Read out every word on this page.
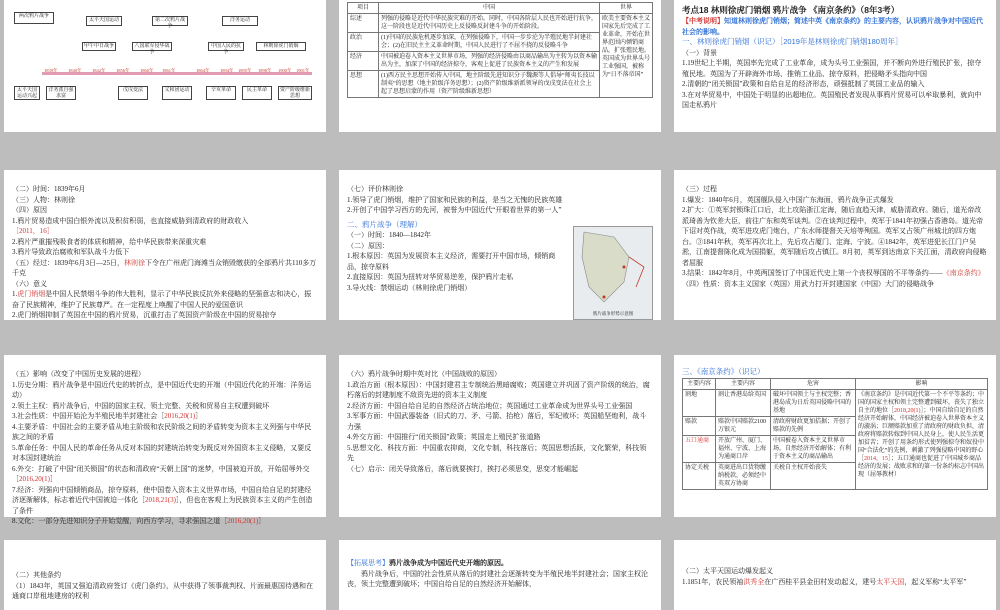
两次鸦片战争
太平天国运动	第二次鸦片战争
洋务运动
甲午中日战争	八国联军侵华战争
中国人民的抗争
林则徐虎门销烟
1839年 1840年 1842年 1856年 1860年 1861年	1864年 1894年 1895年 1898年 1900年 1901年
太平天国运动兴起
洋务派自强求富
戊戌变法	义和团运动	辛亥革命	民主革命	资产阶级维新思想
项目	中国	世界
综述	列强的侵略是近代中华民族灾难的开始。同时，中国各阶层人民也开始进行抗争，这一阶段也是近代中国历史上反侵略反封建斗争的开始阶段。	欧美主要资本主义国家先后完成了工业革命，开始在世界范围内倾销商品，扩张殖民地。英国成为世界头号工业强国，被称为“日不落帝国”
政治	(1)中国的民族危机逐步加深，在列强侵略下，中国一步步沦为半殖民地半封建社会；(2)在旧民主主义革命时期，中国人民进行了不屈不挠的反侵略斗争	
经济	中国被迫卷入资本主义世界市场，列强的经济侵略由以商品输出为主转为以资本输出为主，加深了中国的经济掠夺，客观上促进了民族资本主义的产生和发展	
思想	(1)西方民主思想开始传入中国，地主阶级先进知识分子魏源等人倡导“师夷长技以制夷”的思想（地主阶级洋务思想）；(2)资产阶级维新派领导的戊戌变法在社会上起了思想启蒙的作用（资产阶级维新思想）	

考点18 林则徐虎门销烟 鸦片战争 《南京条约》（8年3考）

【中考说明】知道林则徐虎门销烟；简述中英《南京条约》的主要内容，认识鸦片战争对中国近代社会的影响。

一、林则徐虎门销烟（识记）［2019年是林则徐虎门销烟180周年］

（一）背景

1.19世纪上半期，英国率先完成了工业革命，成为头号工业强国，并不断向外进行殖民扩张，掠夺殖民地。英国为了开辟海外市场、推销工业品、掠夺原料，把侵略矛头指向中国

2.清朝的“闭关锁国”政策和自给自足的经济形态，顽强抵制了英国工业品的输入

3.在对华贸易中，中国处于明显的出超地位。英国殖民者发现从事鸦片贸易可以牟取暴利，就向中国走私鸦片

（二）时间：1839年6月

（三）人物：林则徐

（四）原因

1.鸦片贸易造成中国白银外流以及积贫积弱，也直接威胁到清政府的财政收入
［2011，16］

2.鸦片严重摧残吸食者的体质和精神，给中华民族带来深重灾难

3.鸦片导致政治腐败和军队战斗力低下

（五）经过：1839年6月3日—25日，林则徐下令在广州虎门海滩当众销毁缴获的全部鸦片共110多万千克

（六）意义

1.虎门销烟是中国人民禁烟斗争的伟大胜利，显示了中华民族反抗外来侵略的坚强意志和决心，振奋了民族精神，维护了民族尊严。在一定程度上唤醒了中国人民的爱国意识

2.虎门销烟抑制了英国在中国的鸦片贸易，沉重打击了英国资产阶级在中国的贸易掠夺

（七）评价林则徐

1.领导了虎门销烟，维护了国家和民族的利益，是当之无愧的民族英雄

2.开创了中国学习西方的先河，被誉为中国近代“开眼看世界的第一人”

二、鸦片战争（理解）

（一）时间：1840—1842年

（二）原因：

1.根本原因：英国为发展资本主义经济，需要打开中国市场，倾销商品，掠夺原料

2.直接原因：英国为扭转对华贸易逆差，保护鸦片走私

3.导火线：禁烟运动（林则徐虎门销烟）

鸦片战争形势示意图

（三）过程

1.爆发：1840年6月，英国舰队侵入中国广东海面，鸦片战争正式爆发

2.扩大：①英军封锁珠江口后，北上攻陷浙江定海，随后直趋天津，威胁清政府。随后，道光帝改派琦善为钦差大臣，前往广东和英军谈判。②在谈判过程中，英军于1841年初强占香港岛。道光帝下诏对英作战，英军进攻虎门炮台，广东水师提督关天培等殉国。英军又占领广州城北的四方炮台。③1841年秋，英军再次北上，先后攻占厦门、定海、宁波。④1842年，英军进犯长江门户吴淞，江南提督陈化成为国捐躯，英军随后攻占镇江。8月初，英军到达南京下关江面，清政府向侵略者屈服

3.结果：1842年8月，中英两国签订了中国近代史上第一个丧权辱国的不平等条约——《南京条约》

（四）性质：资本主义国家（英国）用武力打开封建国家（中国）大门的侵略战争

（五）影响（改变了中国历史发展的进程）

1.历史分期：鸦片战争是中国近代史的转折点，是中国近代史的开端（中国近代化的开端：洋务运动）

2.领土主权：鸦片战争后，中国的国家主权、领土完整、关税和贸易自主权遭到破坏

3.社会性质：中国开始沦为半殖民地半封建社会［2016,20(1)］

4.主要矛盾：中国社会的主要矛盾从地主阶级和农民阶级之间的矛盾转变为资本主义列强与中华民族之间的矛盾

5.革命任务：中国人民的革命任务从反对本国的封建统治转变为既反对外国资本主义侵略，又要反对本国封建统治

6.外交：打破了中国“闭关锁国”的状态和清政府“天朝上国”的迷梦，中国被迫开放，开始屈辱外交［2016,20(1)］

7.经济：列强向中国倾销商品，掠夺原料，使中国卷入资本主义世界市场，中国自给自足的封建经济逐渐解体，标志着近代中国被迫一体化［2018,21(3)］，但也在客观上为民族资本主义的产生创造了条件

8.文化：一部分先进知识分子开始觉醒，向西方学习，寻求强国之道［2016,20(1)］

（六）鸦片战争时期中英对比（中国战败的原因）

1.政治方面（根本原因）：中国封建君主专制统治黑暗腐败；英国建立并巩固了资产阶级的统治，腐朽落后的封建制度不敌资先进的资本主义制度

2.经济方面：中国自给自足的自然经济占统治地位；英国通过工业革命成为世界头号工业强国

3.军事方面：中国武器装备（旧式的刀、矛、弓箭、抬枪）落后，军纪败坏；英国船坚炮利，战斗力强

4.外交方面：中国推行“闭关锁国”政策；英国走上殖民扩张道路

5.思想文化、科技方面：中国重农抑商，文化专制，科技落后；英国思想活跃，文化繁荣，科技领先

（七）启示：闭关导致落后，落后就要挨打，挨打必须思变，思变才能崛起

三、《南京条约》（识记）

主要内容	主要内容	危害	影响
割地	割让香港岛给英国	破坏中国领土与主权完整；香港岛成为日后英国侵略中国的基地	《南京条约》是中国近代第一个不平等条约；中国的国家主权和领土完整遭到破坏，丧失了独立自主的地位［2018,20(1)］；中国自给自足的自然经济开始解体，中国经济被迫卷入世界资本主义的漩涡；巨额赔款加重了清政府的财政负担，清政府将赔款转嫁到中国人民身上，使人民生活更加贫苦；开创了用条约形式使列强掠夺和奴役中国“合法化”的先例，刺激了列强侵略中国的野心［2014，15］；五口通商也促进了中国城乡商品经济的发展；战败求和的第一份条约标志中国出现（屈辱教材）
赔款	赔款中国赔款2100万银元	清政府财政更加拮据；开创了赔款的先例	
五口通商	开放广州、厦门、福州、宁波、上海为通商口岸	中国被卷入资本主义世界市场，自然经济开始解体；有利于资本主义的商品输出	
协定关税	英商进出口货物缴纳税款，必须经中英双方协商	关税自主权开始丧失	

（二）其他条约

（1）1843年，英国又强迫清政府签订《虎门条约》，从中获得了领事裁判权、片面最惠国待遇和在通商口岸租地建房的权利

【拓展思考】鸦片战争成为中国近代史开端的原因。

鸦片战争后，中国的社会性质从落后的封建社会逐渐转变为半殖民地半封建社会；国家主权沦丧，领土完整遭到破坏；中国自给自足的自然经济开始解体，

（二）太平天国运动爆发起义

1.1851年，农民领袖洪秀全在广西桂平县金田村发动起义，建号太平天国，起义军称“太平军”
